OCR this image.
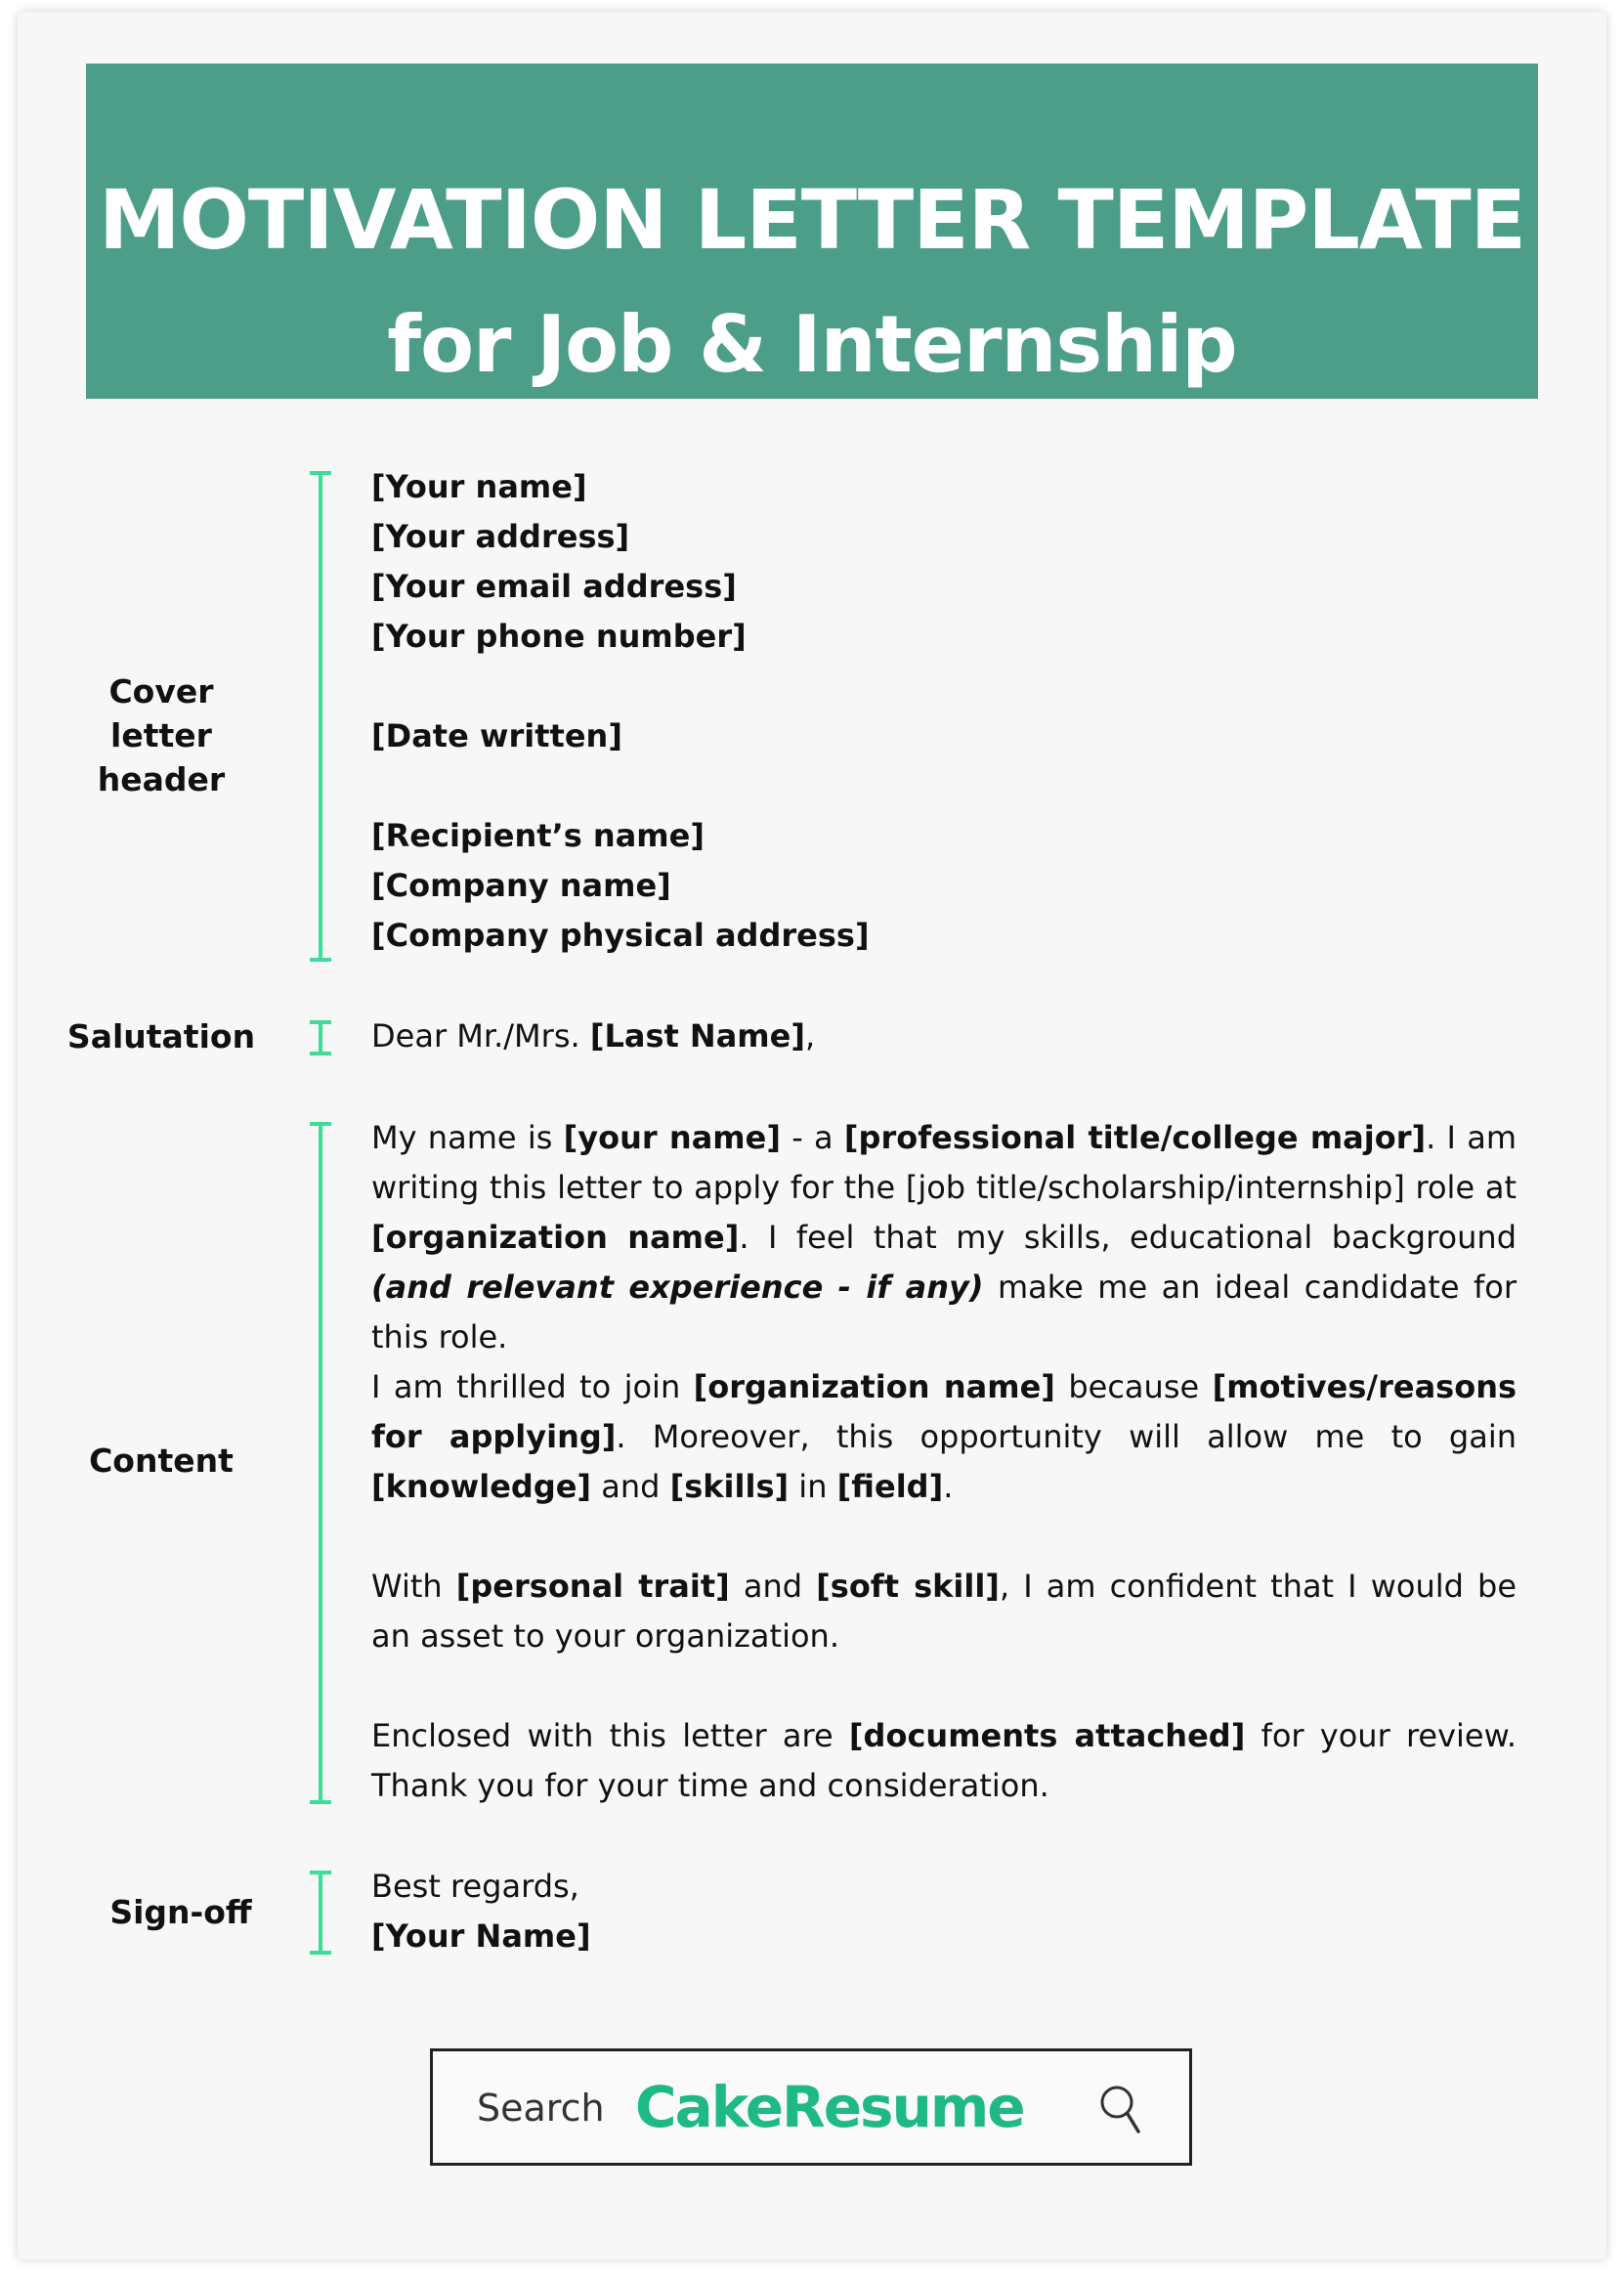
MOTIVATION LETTER TEMPLATE
for Job & Internship
Cover letter
header
[Your name]
[Your address]
[Your email address]
[Your phone number]
[Date written]
[Recipient’s name]
[Company name]
[Company physical address]
Salutation	Dear Mr./Mrs. [Last Name],
Content
My name is [your name] - a [professional title/college major]. I am writing this letter to apply for the [job title/scholarship/internship] role at [organization name]. I feel that my skills, educational background (and relevant experience - if any) make me an ideal candidate for this role.
I am thrilled to join [organization name] because [motives/reasons for applying]. Moreover, this opportunity will allow me to gain [knowledge] and [skills] in [field].
With [personal trait] and [soft skill], I am confident that I would be an asset to your organization.
Enclosed with this letter are [documents attached] for your review. Thank you for your time and consideration.
Sign-off
Best regards,
[Your Name]
Search CakeResume
